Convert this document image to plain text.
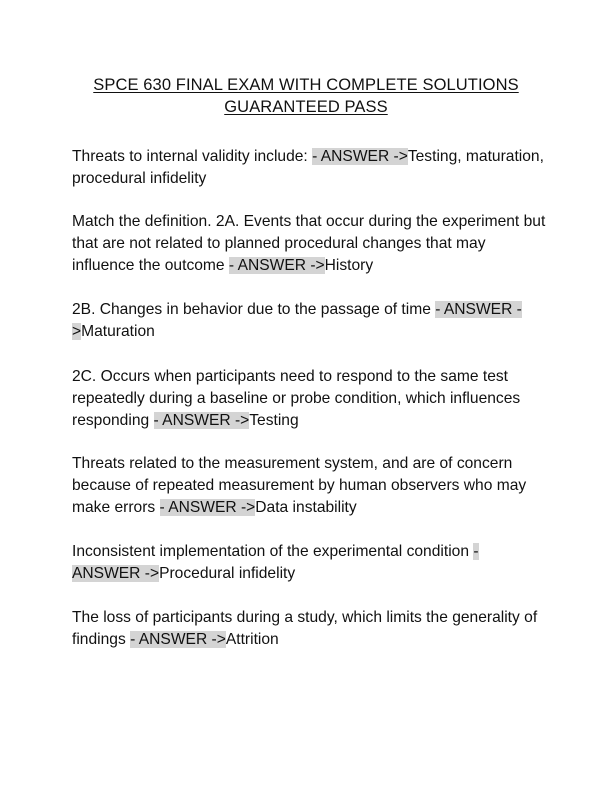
SPCE 630 FINAL EXAM WITH COMPLETE SOLUTIONS
GUARANTEED PASS

Threats to internal validity include: - ANSWER ->Testing, maturation, procedural infidelity

Match the definition. 2A. Events that occur during the experiment but that are not related to planned procedural changes that may influence the outcome - ANSWER ->History

2B. Changes in behavior due to the passage of time - ANSWER ->Maturation

2C. Occurs when participants need to respond to the same test repeatedly during a baseline or probe condition, which influences responding - ANSWER ->Testing

Threats related to the measurement system, and are of concern because of repeated measurement by human observers who may make errors - ANSWER ->Data instability

Inconsistent implementation of the experimental condition - ANSWER ->Procedural infidelity

The loss of participants during a study, which limits the generality of findings - ANSWER ->Attrition
